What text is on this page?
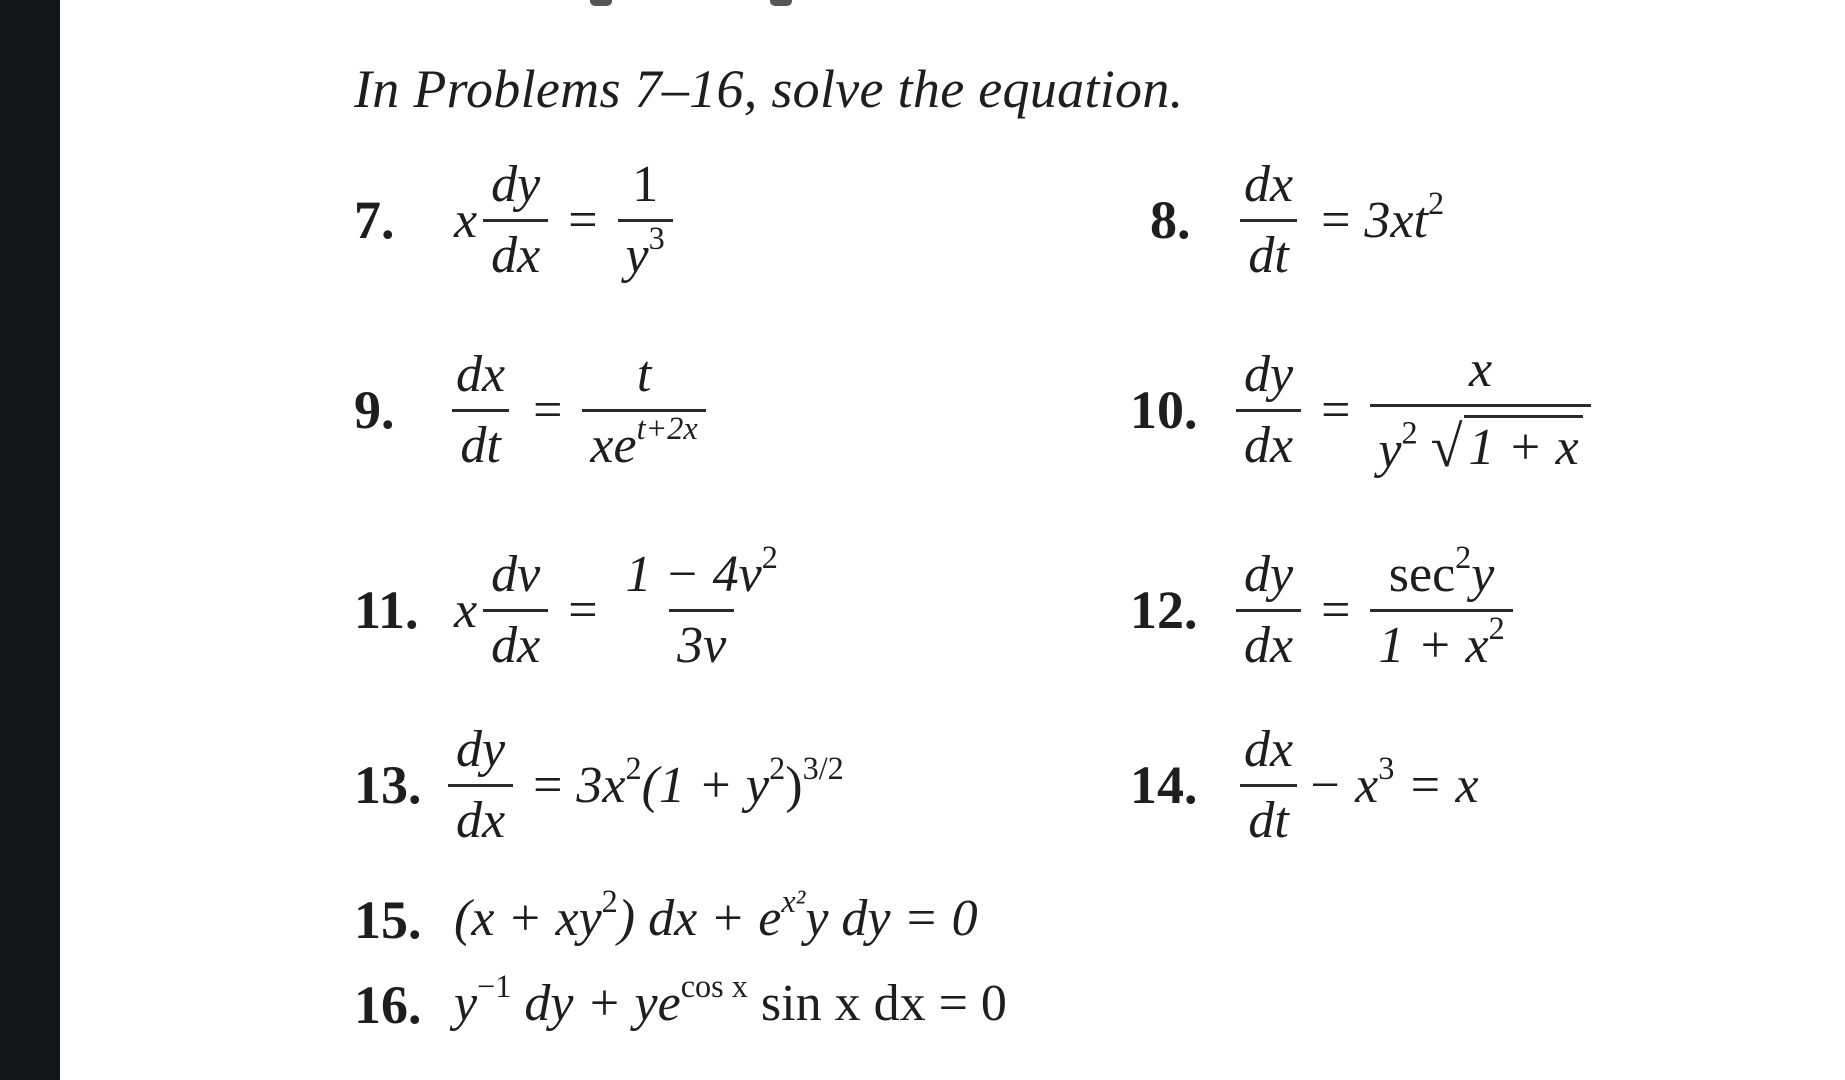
In Problems 7–16, solve the equation.
7. x $\frac{dy}{dx} = \frac{1}{y^3}$	8. $\frac{dx}{dt} = 3xt^2$
9. $\frac{dx}{dt} = \frac{t}{xe^{t+2x}}$	10. $\frac{dy}{dx} = \frac{x}{y^2 √ 1 + x}$
11. x $\frac{dv}{dx} = \frac{1 - 4v^2}{3v}$	12. $\frac{dy}{dx} = \frac{\sec^2y}{1 + x^2}$
13. $\frac{dy}{dx} = 3x^2(1 + y^2)^{3/2}$	14. $\frac{dx}{dt} - x^3 = x$
15. $(x + xy^2)$ dx + $e^{x^2}y$ dy = 0
16. $y^{-1}$ dy + $ye^{cos x}$ sin x dx = 0
